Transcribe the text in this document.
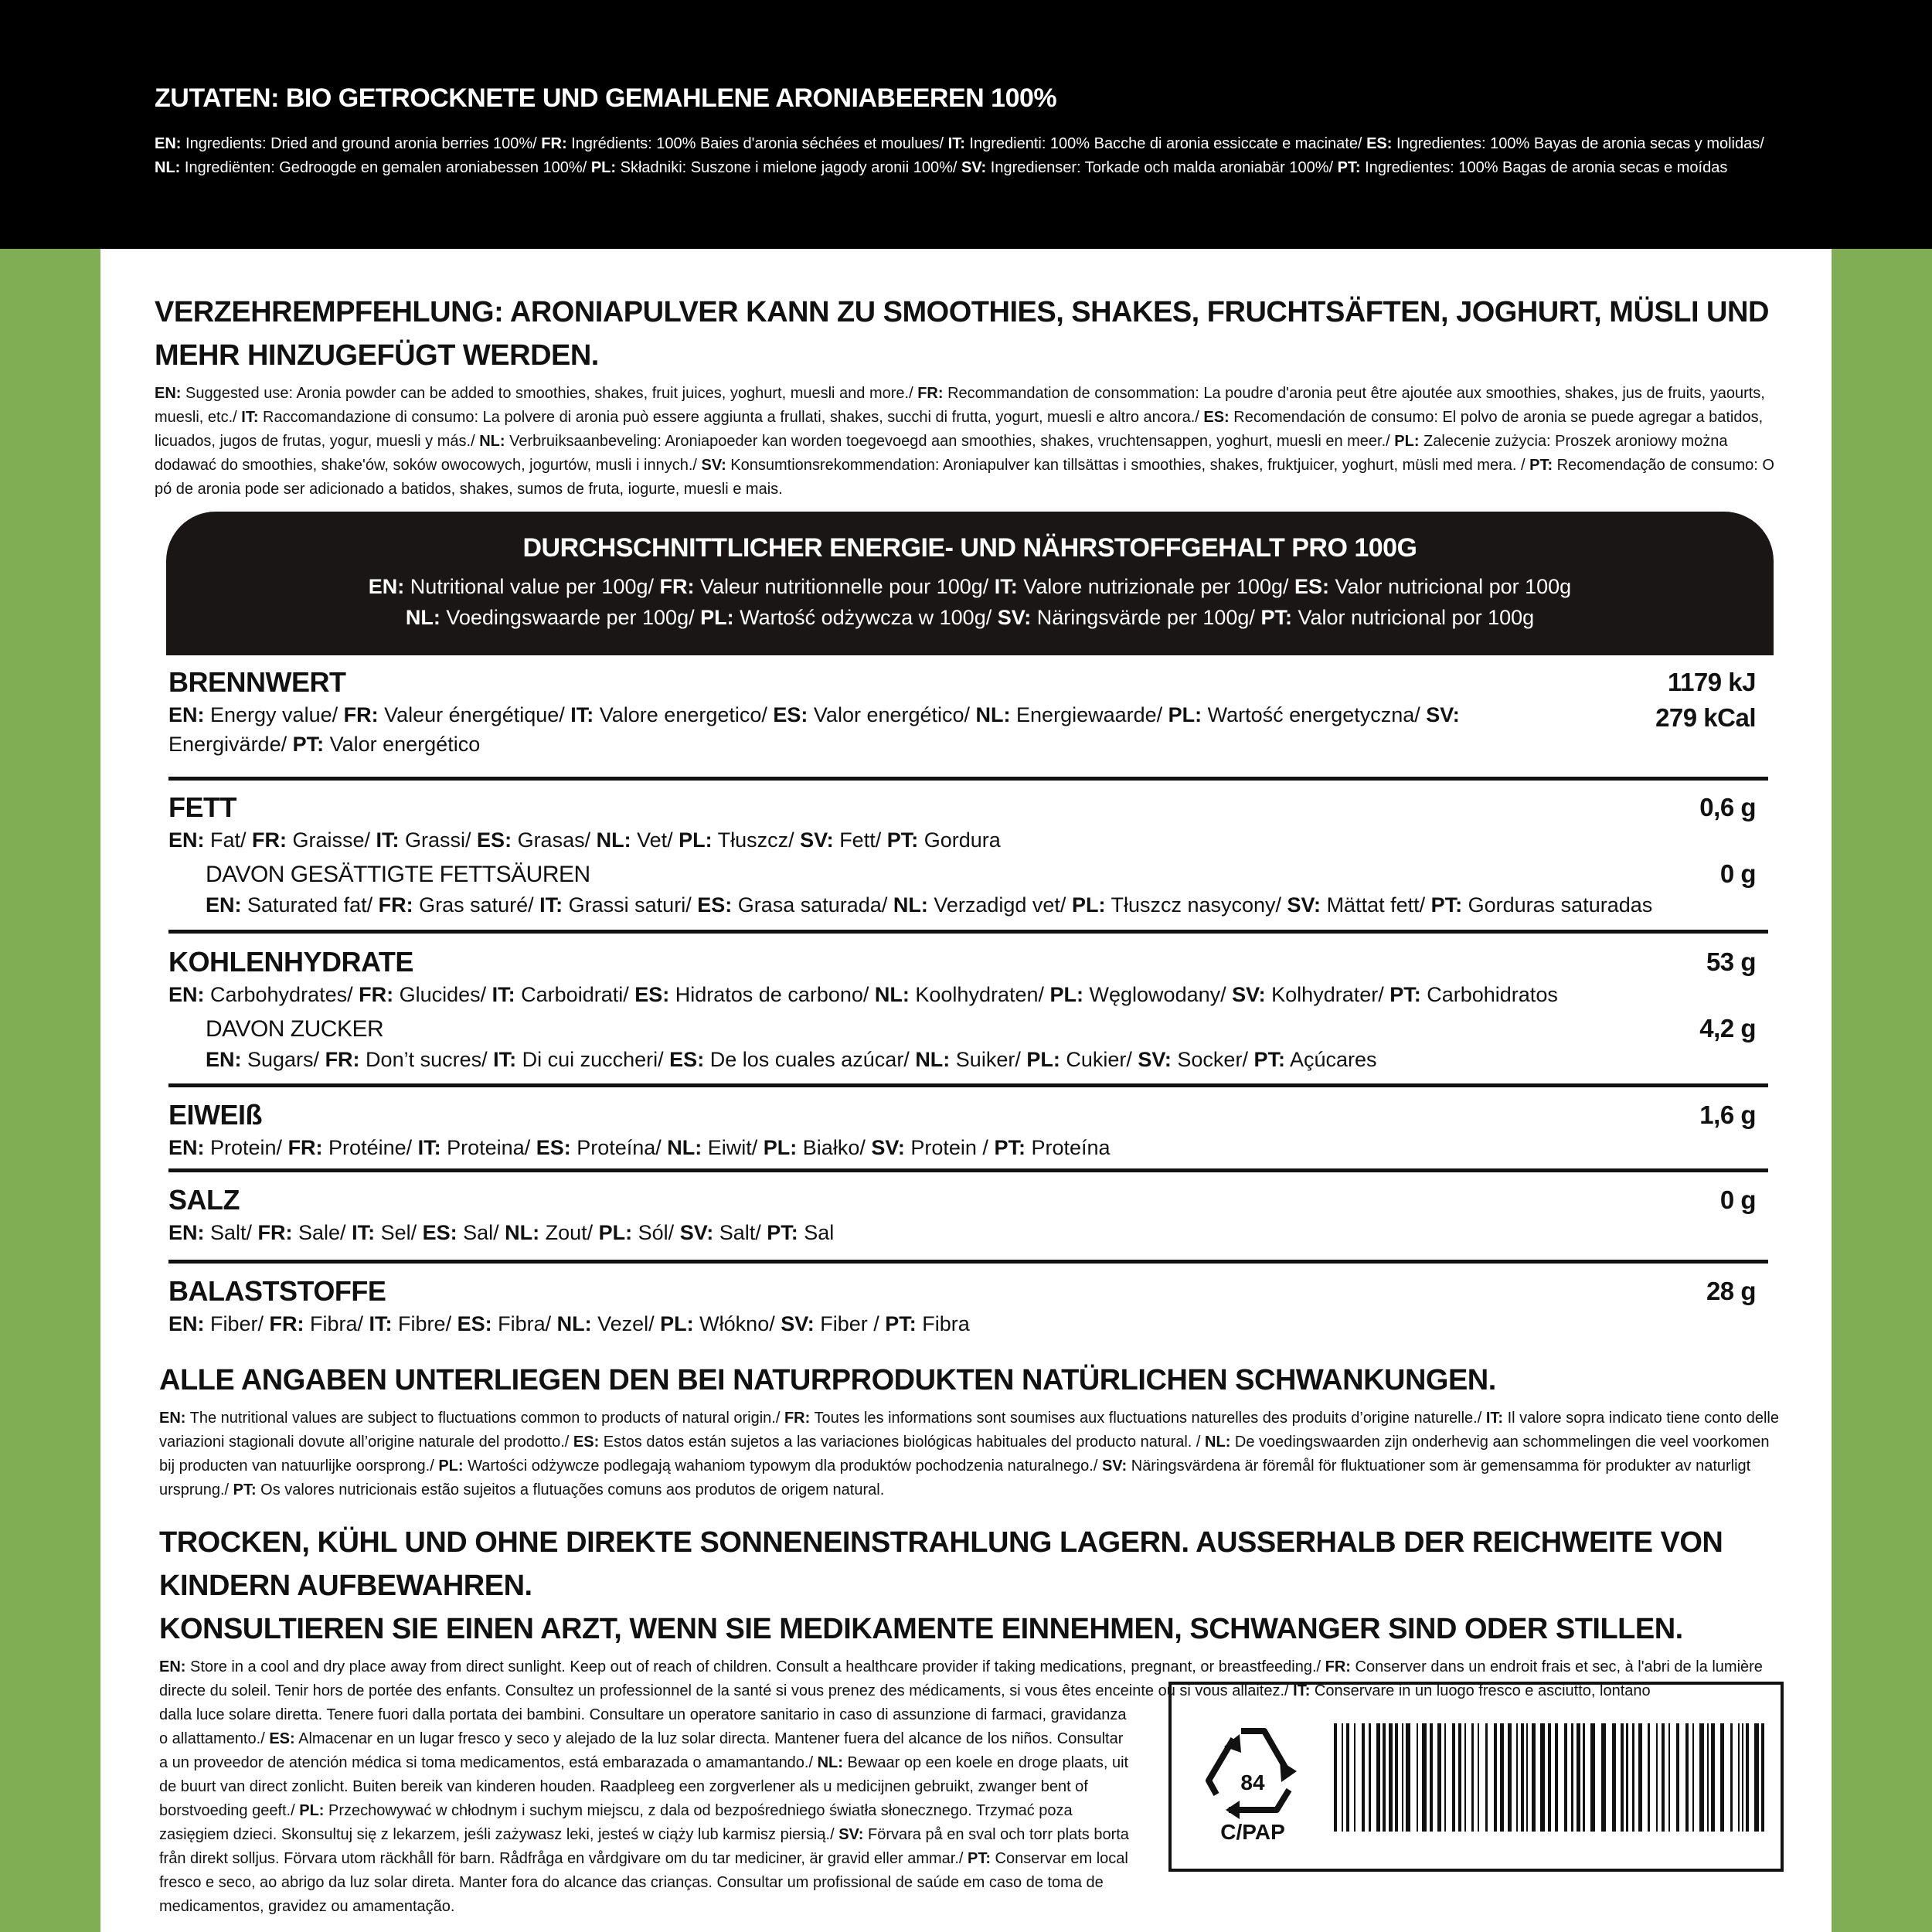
ZUTATEN: BIO GETROCKNETE UND GEMAHLENE ARONIABEEREN 100%
EN: Ingredients: Dried and ground aronia berries 100%/ FR: Ingrédients: 100% Baies d'aronia séchées et moulues/ IT: Ingredienti: 100% Bacche di aronia essiccate e macinate/ ES: Ingredientes: 100% Bayas de aronia secas y molidas/ NL: Ingrediënten: Gedroogde en gemalen aroniabessen 100%/ PL: Składniki: Suszone i mielone jagody aronii 100%/ SV: Ingredienser: Torkade och malda aroniabär 100%/ PT: Ingredientes: 100% Bagas de aronia secas e moídas
VERZEHREMPFEHLUNG: ARONIAPULVER KANN ZU SMOOTHIES, SHAKES, FRUCHTSÄFTEN, JOGHURT, MÜSLI UND MEHR HINZUGEFÜGT WERDEN.
EN: Suggested use: Aronia powder can be added to smoothies, shakes, fruit juices, yoghurt, muesli and more./ FR: Recommandation de consommation: La poudre d'aronia peut être ajoutée aux smoothies, shakes, jus de fruits, yaourts, muesli, etc./ IT: Raccomandazione di consumo: La polvere di aronia può essere aggiunta a frullati, shakes, succhi di frutta, yogurt, muesli e altro ancora./ ES: Recomendación de consumo: El polvo de aronia se puede agregar a batidos, licuados, jugos de frutas, yogur, muesli y más./ NL: Verbruiksaanbeveling: Aroniapoeder kan worden toegevoegd aan smoothies, shakes, vruchtensappen, yoghurt, muesli en meer./ PL: Zalecenie zużycia: Proszek aroniowy można dodawać do smoothies, shake'ów, soków owocowych, jogurtów, musli i innych./ SV: Konsumtionsrekommendation: Aroniapulver kan tillsättas i smoothies, shakes, fruktjuicer, yoghurt, müsli med mera. / PT: Recomendação de consumo: O pó de aronia pode ser adicionado a batidos, shakes, sumos de fruta, iogurte, muesli e mais.
DURCHSCHNITTLICHER ENERGIE- UND NÄHRSTOFFGEHALT PRO 100G
EN: Nutritional value per 100g/ FR: Valeur nutritionnelle pour 100g/ IT: Valore nutrizionale per 100g/ ES: Valor nutricional por 100g
NL: Voedingswaarde per 100g/ PL: Wartość odżywcza w 100g/ SV: Näringsvärde per 100g/ PT: Valor nutricional por 100g
BRENNWERT
EN: Energy value/ FR: Valeur énergétique/ IT: Valore energetico/ ES: Valor energético/ NL: Energiewaarde/ PL: Wartość energetyczna/ SV: Energivärde/ PT: Valor energético
1179 kJ
279 kCal
FETT
EN: Fat/ FR: Graisse/ IT: Grassi/ ES: Grasas/ NL: Vet/ PL: Tłuszcz/ SV: Fett/ PT: Gordura
0,6 g
DAVON GESÄTTIGTE FETTSÄUREN
EN: Saturated fat/ FR: Gras saturé/ IT: Grassi saturi/ ES: Grasa saturada/ NL: Verzadigd vet/ PL: Tłuszcz nasycony/ SV: Mättat fett/ PT: Gorduras saturadas
0 g
KOHLENHYDRATE
EN: Carbohydrates/ FR: Glucides/ IT: Carboidrati/ ES: Hidratos de carbono/ NL: Koolhydraten/ PL: Węglowodany/ SV: Kolhydrater/ PT: Carbohidratos
53 g
DAVON ZUCKER
EN: Sugars/ FR: Don’t sucres/ IT: Di cui zuccheri/ ES: De los cuales azúcar/ NL: Suiker/ PL: Cukier/ SV: Socker/ PT: Açúcares
4,2 g
EIWEIß
EN: Protein/ FR: Protéine/ IT: Proteina/ ES: Proteína/ NL: Eiwit/ PL: Białko/ SV: Protein / PT: Proteína
1,6 g
SALZ
EN: Salt/ FR: Sale/ IT: Sel/ ES: Sal/ NL: Zout/ PL: Sól/ SV: Salt/ PT: Sal
0 g
BALASTSTOFFE
EN: Fiber/ FR: Fibra/ IT: Fibre/ ES: Fibra/ NL: Vezel/ PL: Włókno/ SV: Fiber / PT: Fibra
28 g
ALLE ANGABEN UNTERLIEGEN DEN BEI NATURPRODUKTEN NATÜRLICHEN SCHWANKUNGEN.
EN: The nutritional values are subject to fluctuations common to products of natural origin./ FR: Toutes les informations sont soumises aux fluctuations naturelles des produits d’origine naturelle./ IT: Il valore sopra indicato tiene conto delle variazioni stagionali dovute all’origine naturale del prodotto./ ES: Estos datos están sujetos a las variaciones biológicas habituales del producto natural. / NL: De voedingswaarden zijn onderhevig aan schommelingen die veel voorkomen bij producten van natuurlijke oorsprong./ PL: Wartości odżywcze podlegają wahaniom typowym dla produktów pochodzenia naturalnego./ SV: Näringsvärdena är föremål för fluktuationer som är gemensamma för produkter av naturligt ursprung./ PT: Os valores nutricionais estão sujeitos a flutuações comuns aos produtos de origem natural.
TROCKEN, KÜHL UND OHNE DIREKTE SONNENEINSTRAHLUNG LAGERN. AUSSERHALB DER REICHWEITE VON KINDERN AUFBEWAHREN.
KONSULTIEREN SIE EINEN ARZT, WENN SIE MEDIKAMENTE EINNEHMEN, SCHWANGER SIND ODER STILLEN.
EN: Store in a cool and dry place away from direct sunlight. Keep out of reach of children. Consult a healthcare provider if taking medications, pregnant, or breastfeeding./ FR: Conserver dans un endroit frais et sec, à l'abri de la lumière directe du soleil. Tenir hors de portée des enfants. Consultez un professionnel de la santé si vous prenez des médicaments, si vous êtes enceinte ou si vous allaitez./ IT: Conservare in un luogo fresco e asciutto, lontano
dalla luce solare diretta. Tenere fuori dalla portata dei bambini. Consultare un operatore sanitario in caso di assunzione di farmaci, gravidanza o allattamento./ ES: Almacenar en un lugar fresco y seco y alejado de la luz solar directa. Mantener fuera del alcance de los niños. Consultar a un proveedor de atención médica si toma medicamentos, está embarazada o amamantando./ NL: Bewaar op een koele en droge plaats, uit de buurt van direct zonlicht. Buiten bereik van kinderen houden. Raadpleeg een zorgverlener als u medicijnen gebruikt, zwanger bent of borstvoeding geeft./ PL: Przechowywać w chłodnym i suchym miejscu, z dala od bezpośredniego światła słonecznego. Trzymać poza zasięgiem dzieci. Skonsultuj się z lekarzem, jeśli zażywasz leki, jesteś w ciąży lub karmisz piersią./ SV: Förvara på en sval och torr plats borta från direkt solljus. Förvara utom räckhåll för barn. Rådfråga en vårdgivare om du tar mediciner, är gravid eller ammar./ PT: Conservar em local fresco e seco, ao abrigo da luz solar direta. Manter fora do alcance das crianças. Consultar um profissional de saúde em caso de toma de medicamentos, gravidez ou amamentação.
84
C/PAP
